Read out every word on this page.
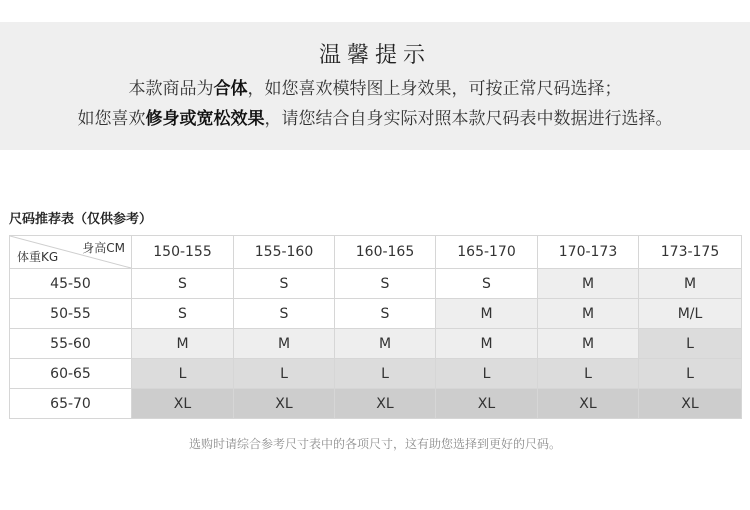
温馨提示
本款商品为合体，如您喜欢模特图上身效果，可按正常尺码选择；
如您喜欢修身或宽松效果，请您结合自身实际对照本款尺码表中数据进行选择。
尺码推荐表（仅供参考）
身高CM
体重KG	150-155	155-160	160-165	165-170	170-173	173-175
45-50	S	S	S	S	M	M
50-55	S	S	S	M	M	M/L
55-60	M	M	M	M	M	L
60-65	L	L	L	L	L	L
65-70	XL	XL	XL	XL	XL	XL
选购时请综合参考尺寸表中的各项尺寸，这有助您选择到更好的尺码。
